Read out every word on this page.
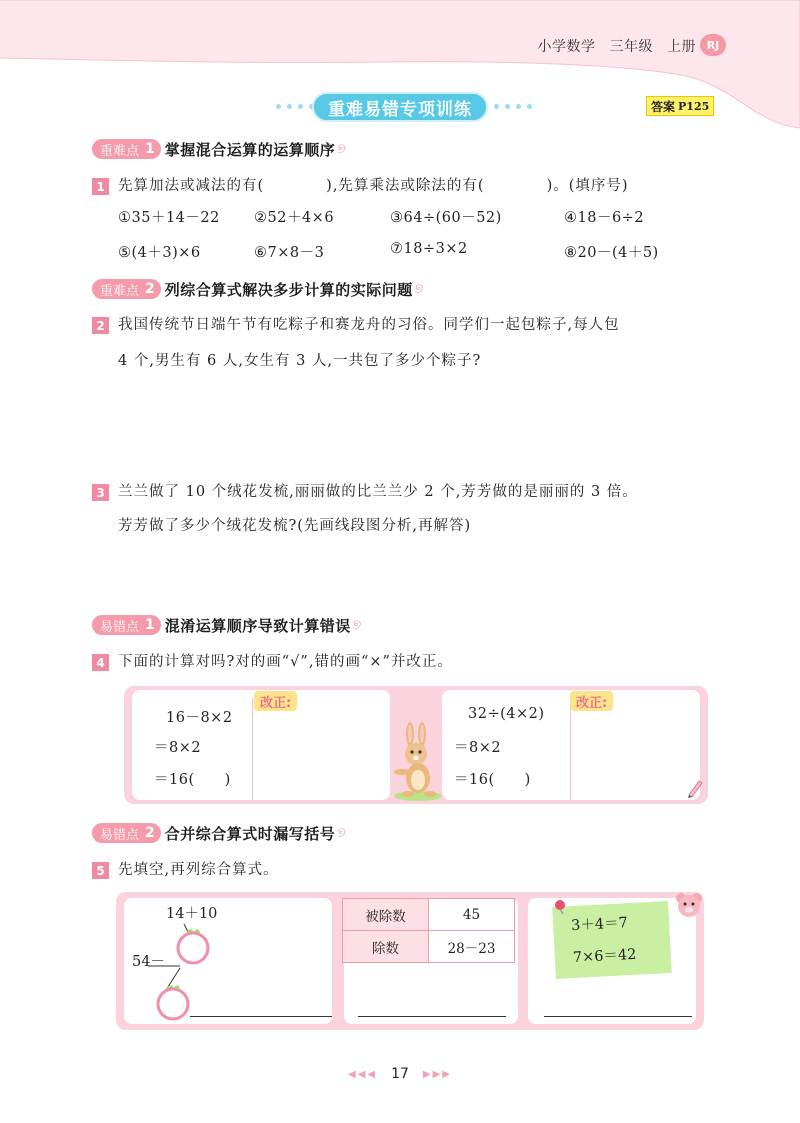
小学数学 三年级 上册 RJ
重难易错专项训练	答案 P125
重难点 1 掌握混合运算的运算顺序 ୭
1 先算加法或减法的有(　　　　),先算乘法或除法的有(　　　　)。(填序号)
①35＋14－22	②52＋4×6	③64÷(60－52)	④18－6÷2
⑤(4＋3)×6	⑥7×8－3	⑦18÷3×2	⑧20－(4＋5)
重难点 2 列综合算式解决多步计算的实际问题 ୭
2 我国传统节日端午节有吃粽子和赛龙舟的习俗。同学们一起包粽子,每人包
4 个,男生有 6 人,女生有 3 人,一共包了多少个粽子?
3 兰兰做了 10 个绒花发梳,丽丽做的比兰兰少 2 个,芳芳做的是丽丽的 3 倍。
芳芳做了多少个绒花发梳?(先画线段图分析,再解答)
易错点 1 混淆运算顺序导致计算错误 ୭
4 下面的计算对吗?对的画“√”,错的画“×”并改正。
16－8×2
＝8×2
＝16(　　)
改正:
32÷(4×2)
＝8×2
＝16(　　)
改正:
易错点 2 合并综合算式时漏写括号 ୭
5 先填空,再列综合算式。
14＋10
54－
被除数	45
除数	28－23
3＋4＝7
7×6＝42
◀◀◀ 17 ▶▶▶
